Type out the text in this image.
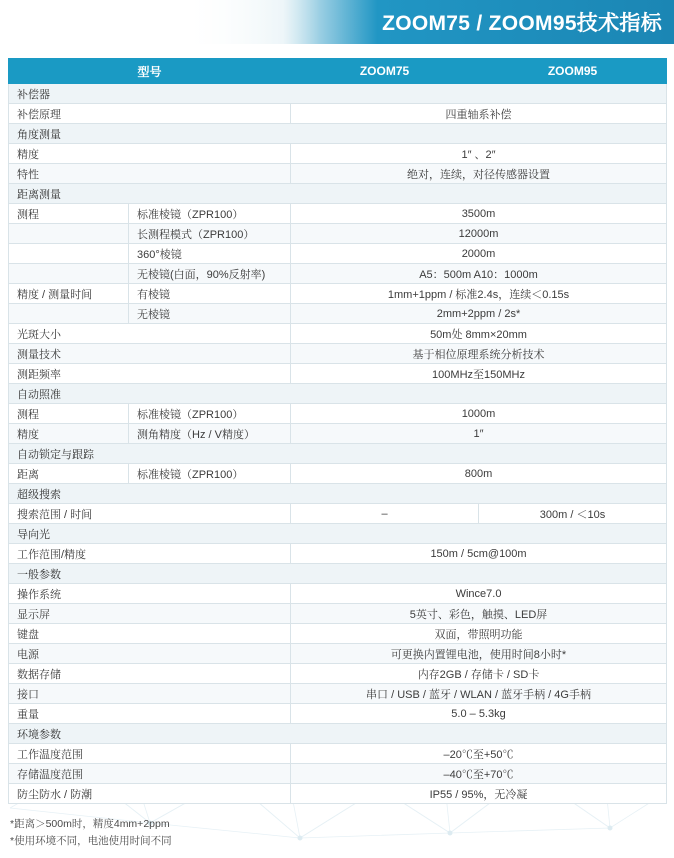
ZOOM75 / ZOOM95技术指标
型号		ZOOM75	ZOOM95
补偿器			
补偿原理		四重轴系补偿	
角度测量			
精度		1″ 、2″	
特性		绝对，连续，对径传感器设置	
距离测量			
测程	标准棱镜（ZPR100）	3500m	
	长测程模式（ZPR100）	12000m	
	360°棱镜	2000m	
	无棱镜(白面，90%反射率)	A5：500m A10：1000m	
精度 / 测量时间	有棱镜	1mm+1ppm / 标准2.4s，连续＜0.15s	
	无棱镜	2mm+2ppm / 2s*	
光斑大小		50m处 8mm×20mm	
测量技术		基于相位原理系统分析技术	
测距频率		100MHz至150MHz	
自动照准			
测程	标准棱镜（ZPR100）	1000m	
精度	测角精度（Hz / V精度）	1″	
自动锁定与跟踪			
距离	标准棱镜（ZPR100）	800m	
超级搜索			
搜索范围 / 时间		–	300m / ＜10s
导向光			
工作范围/精度		150m / 5cm@100m	
一般参数			
操作系统		Wince7.0	
显示屏		5英寸、彩色，触摸、LED屏	
键盘		双面，带照明功能	
电源		可更换内置锂电池，使用时间8小时*	
数据存储		内存2GB / 存储卡 / SD卡	
接口		串口 / USB / 蓝牙 / WLAN / 蓝牙手柄 / 4G手柄	
重量		5.0 – 5.3kg	
环境参数			
工作温度范围		–20℃至+50℃	
存储温度范围		–40℃至+70℃	
防尘防水 / 防潮		IP55 / 95%，无冷凝	
*距离＞500m时，精度4mm+2ppm
*使用环境不同，电池使用时间不同
